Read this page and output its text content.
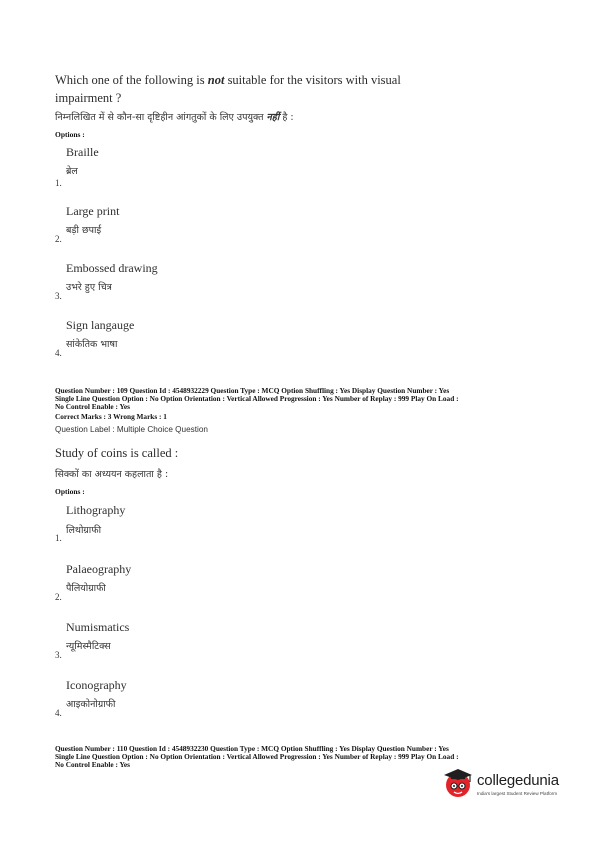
Which one of the following is not suitable for the visitors with visual
impairment ?
निम्नलिखित में से कौन-सा दृष्टिहीन आंगतुकों के लिए उपयुक्त नहीं है :
Options :
Braille
ब्रेल
1.
Large print
बड़ी छपाई
2.
Embossed drawing
उभरे हुए चित्र
3.
Sign langauge
सांकेतिक भाषा
4.
Question Number : 109 Question Id : 4548932229 Question Type : MCQ Option Shuffling : Yes Display Question Number : Yes
Single Line Question Option : No Option Orientation : Vertical Allowed Progression : Yes Number of Replay : 999 Play On Load :
No Control Enable : Yes
Correct Marks : 3 Wrong Marks : 1
Question Label : Multiple Choice Question
Study of coins is called :
सिक्कों का अध्ययन कहलाता है :
Options :
Lithography
लिथोग्राफी
1.
Palaeography
पैलियोग्राफी
2.
Numismatics
न्यूमिस्मैटिक्स
3.
Iconography
आइकोनोग्राफी
4.
Question Number : 110 Question Id : 4548932230 Question Type : MCQ Option Shuffling : Yes Display Question Number : Yes
Single Line Question Option : No Option Orientation : Vertical Allowed Progression : Yes Number of Replay : 999 Play On Load :
No Control Enable : Yes
collegedunia
India's largest Student Review Platform
